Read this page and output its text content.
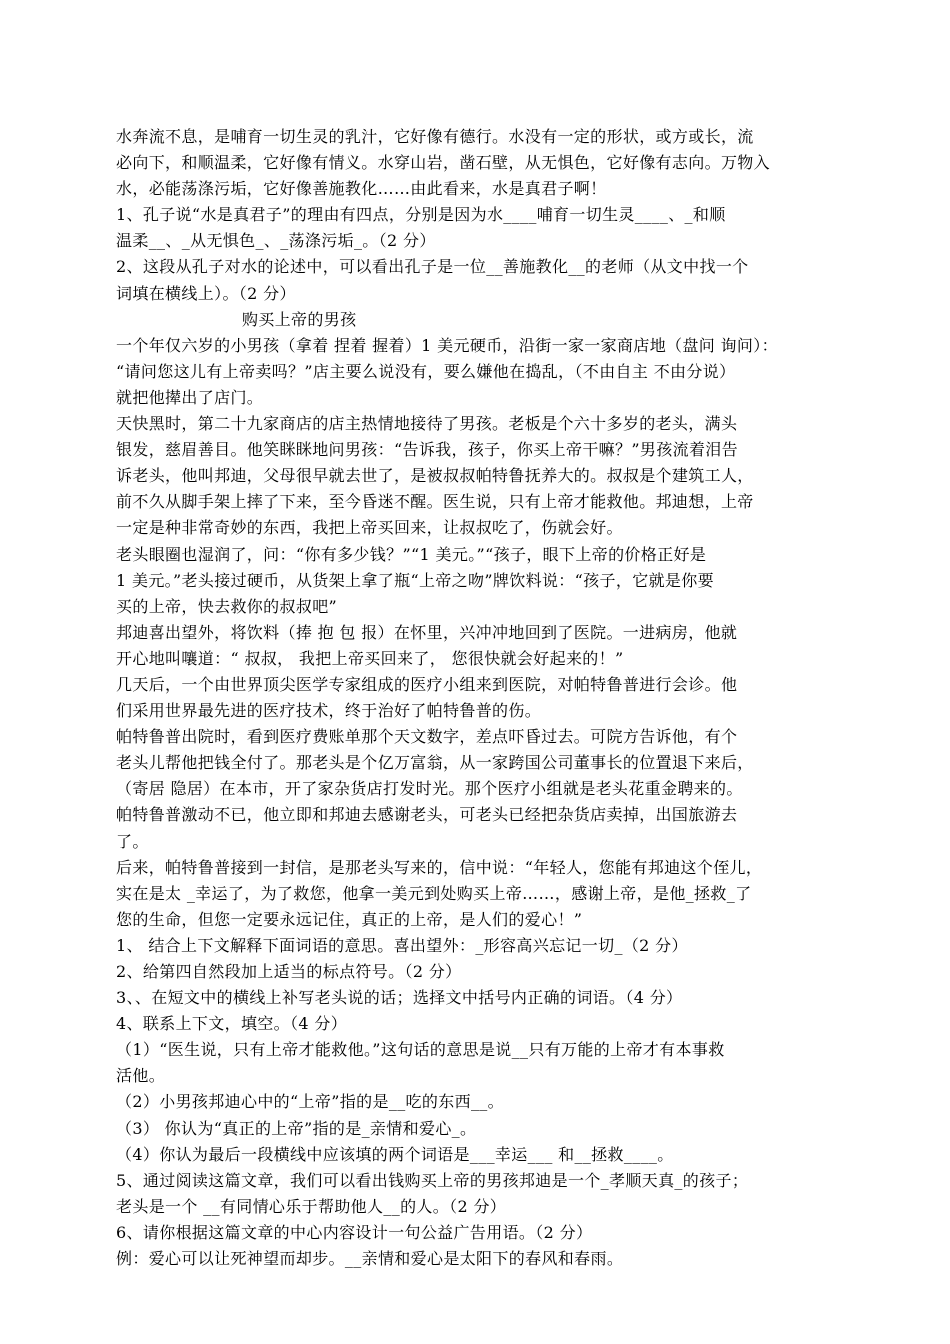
水奔流不息，是哺育一切生灵的乳汁，它好像有德行。水没有一定的形状，或方或长，流
必向下，和顺温柔，它好像有情义。水穿山岩，凿石壁，从无惧色，它好像有志向。万物入
水，必能荡涤污垢，它好像善施教化……由此看来，水是真君子啊！
1、孔子说“水是真君子”的理由有四点，分别是因为水____哺育一切生灵____、_和顺
温柔__、_从无惧色_、_荡涤污垢_。（2 分）
2、这段从孔子对水的论述中，可以看出孔子是一位__善施教化__的老师（从文中找一个
词填在横线上）。（2 分）
购买上帝的男孩
一个年仅六岁的小男孩（拿着 捏着 握着）1 美元硬币，沿街一家一家商店地（盘问 询问）：
“请问您这儿有上帝卖吗？”店主要么说没有，要么嫌他在捣乱，（不由自主 不由分说）
就把他撵出了店门。
天快黑时，第二十九家商店的店主热情地接待了男孩。老板是个六十多岁的老头，满头
银发，慈眉善目。他笑眯眯地问男孩：“告诉我，孩子，你买上帝干嘛？”男孩流着泪告
诉老头，他叫邦迪，父母很早就去世了，是被叔叔帕特鲁抚养大的。叔叔是个建筑工人，
前不久从脚手架上摔了下来，至今昏迷不醒。医生说，只有上帝才能救他。邦迪想，上帝
一定是种非常奇妙的东西，我把上帝买回来，让叔叔吃了，伤就会好。
老头眼圈也湿润了，问：“你有多少钱？”“1 美元。”“孩子，眼下上帝的价格正好是
1 美元。”老头接过硬币，从货架上拿了瓶“上帝之吻”牌饮料说：“孩子，它就是你要
买的上帝，快去救你的叔叔吧”
邦迪喜出望外，将饮料（捧 抱 包 报）在怀里，兴冲冲地回到了医院。一进病房，他就
开心地叫嚷道：“ 叔叔， 我把上帝买回来了， 您很快就会好起来的！”
几天后，一个由世界顶尖医学专家组成的医疗小组来到医院，对帕特鲁普进行会诊。他
们采用世界最先进的医疗技术，终于治好了帕特鲁普的伤。
帕特鲁普出院时，看到医疗费账单那个天文数字，差点吓昏过去。可院方告诉他，有个
老头儿帮他把钱全付了。那老头是个亿万富翁，从一家跨国公司董事长的位置退下来后，
（寄居 隐居）在本市，开了家杂货店打发时光。那个医疗小组就是老头花重金聘来的。
帕特鲁普激动不已，他立即和邦迪去感谢老头，可老头已经把杂货店卖掉，出国旅游去
了。
后来，帕特鲁普接到一封信，是那老头写来的，信中说：“年轻人，您能有邦迪这个侄儿，
实在是太 _幸运了，为了救您，他拿一美元到处购买上帝……，感谢上帝，是他_拯救_了
您的生命，但您一定要永远记住，真正的上帝，是人们的爱心！”
1、 结合上下文解释下面词语的意思。喜出望外：_形容高兴忘记一切_（2 分）
2、给第四自然段加上适当的标点符号。（2 分）
3、、在短文中的横线上补写老头说的话；选择文中括号内正确的词语。（4 分）
4、联系上下文，填空。（4 分）
（1）“医生说，只有上帝才能救他。”这句话的意思是说__只有万能的上帝才有本事救
活他。
（2）小男孩邦迪心中的“上帝”指的是__吃的东西__。
（3） 你认为“真正的上帝”指的是_亲情和爱心_。
（4）你认为最后一段横线中应该填的两个词语是___幸运___ 和__拯救____。
5、通过阅读这篇文章，我们可以看出钱购买上帝的男孩邦迪是一个_孝顺天真_的孩子；
老头是一个 __有同情心乐于帮助他人__的人。（2 分）
6、请你根据这篇文章的中心内容设计一句公益广告用语。（2 分）
例：爱心可以让死神望而却步。__亲情和爱心是太阳下的春风和春雨。
